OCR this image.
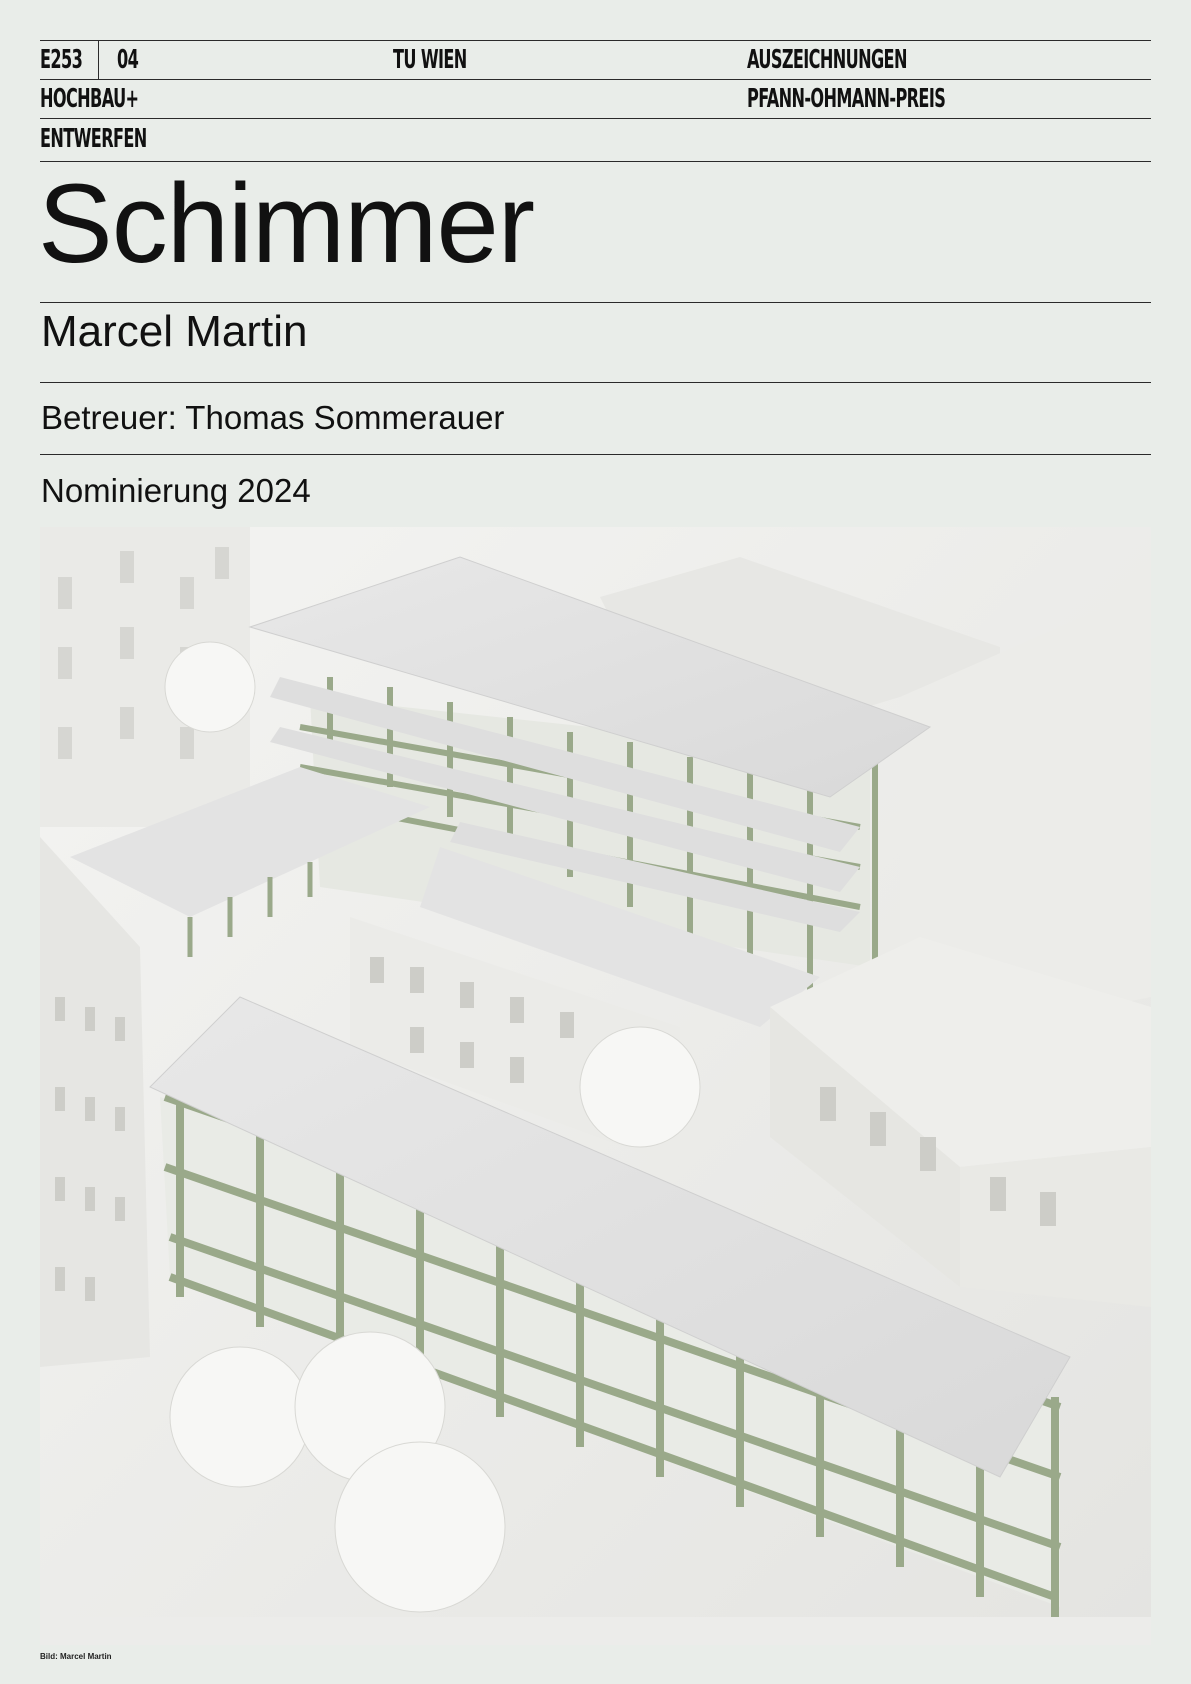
E253 04
HOCHBAU+
ENTWERFEN
TU WIEN	AUSZEICHNUNGEN
PFANN-OHMANN-PREIS
Schimmer
Marcel Martin
Betreuer: Thomas Sommerauer
Nominierung 2024
Bild: Marcel Martin
